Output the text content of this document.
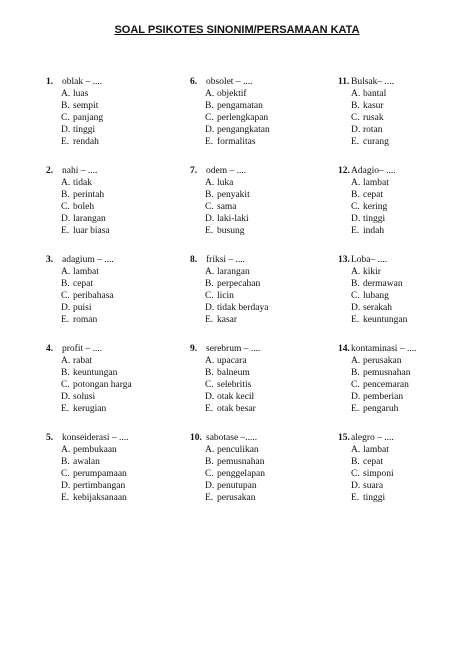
SOAL PSIKOTES SINONIM/PERSAMAAN KATA
1. oblak – ....
A. luas
B. sempit
C. panjang
D. tinggi
E. rendah
2. nahi – ....
A. tidak
B. perintah
C. boleh
D. larangan
E. luar biasa
3. adagium – ....
A. lambat
B. cepat
C. peribahasa
D. puisi
E. roman
4. profit – ....
A. rabat
B. keuntungan
C. potongan harga
D. solusi
E. kerugian
5. konseiderasi – ....
A. pembukaan
B. awalan
C. perumpamaan
D. pertimbangan
E. kebijaksanaan
6. obsolet – ....
A. objektif
B. pengamatan
C. perlengkapan
D. pengangkatan
E. formalitas
7. odem – ....
A. luka
B. penyakit
C. sama
D. laki-laki
E. busung
8. friksi – ....
A. larangan
B. perpecahan
C. licin
D. tidak berdaya
E. kasar
9. serebrum – ....
A. upacara
B. balneum
C. selebritis
D. otak kecil
E. otak besar
10. sabotase –.....
A. penculikan
B. pemusnahan
C. penggelapan
D. penutupan
E. perusakan
11. Bulsak– ....
A. bantal
B. kasur
C. rusak
D. rotan
E. curang
12.Adagio– ....
A. lambat
B. cepat
C. kering
D. tinggi
E. indah
13.Loba– ....
A. kikir
B. dermawan
C. lubang
D. serakah
E. keuntungan
14.kontaminasi – ....
A. perusakan
B. pemusnahan
C. pencemaran
D. pemberian
E. pengaruh
15.alegro – ....
A. lambat
B. cepat
C. simponi
D. suara
E. tinggi
